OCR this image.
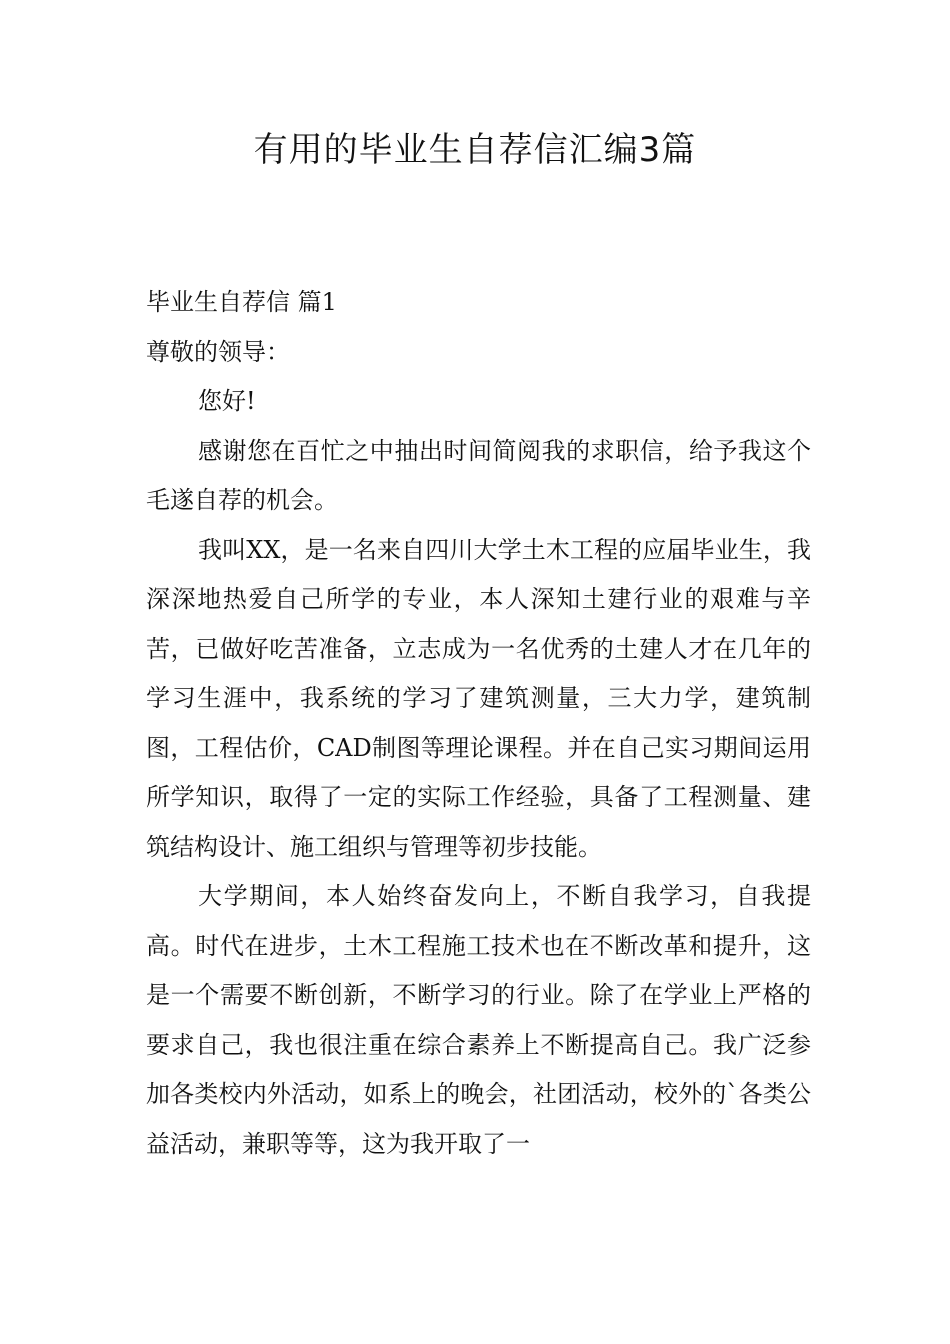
有用的毕业生自荐信汇编3篇

毕业生自荐信 篇1

尊敬的领导：

您好!

感谢您在百忙之中抽出时间简阅我的求职信，给予我这个毛遂自荐的机会。

我叫XX，是一名来自四川大学土木工程的应届毕业生，我深深地热爱自己所学的专业，本人深知土建行业的艰难与辛苦，已做好吃苦准备，立志成为一名优秀的土建人才在几年的学习生涯中，我系统的学习了建筑测量，三大力学，建筑制图，工程估价，CAD制图等理论课程。并在自己实习期间运用所学知识，取得了一定的实际工作经验，具备了工程测量、建筑结构设计、施工组织与管理等初步技能。

大学期间，本人始终奋发向上，不断自我学习，自我提高。时代在进步，土木工程施工技术也在不断改革和提升，这是一个需要不断创新，不断学习的行业。除了在学业上严格的要求自己，我也很注重在综合素养上不断提高自己。我广泛参加各类校内外活动，如系上的晚会，社团活动，校外的`各类公益活动，兼职等等，这为我开取了一
